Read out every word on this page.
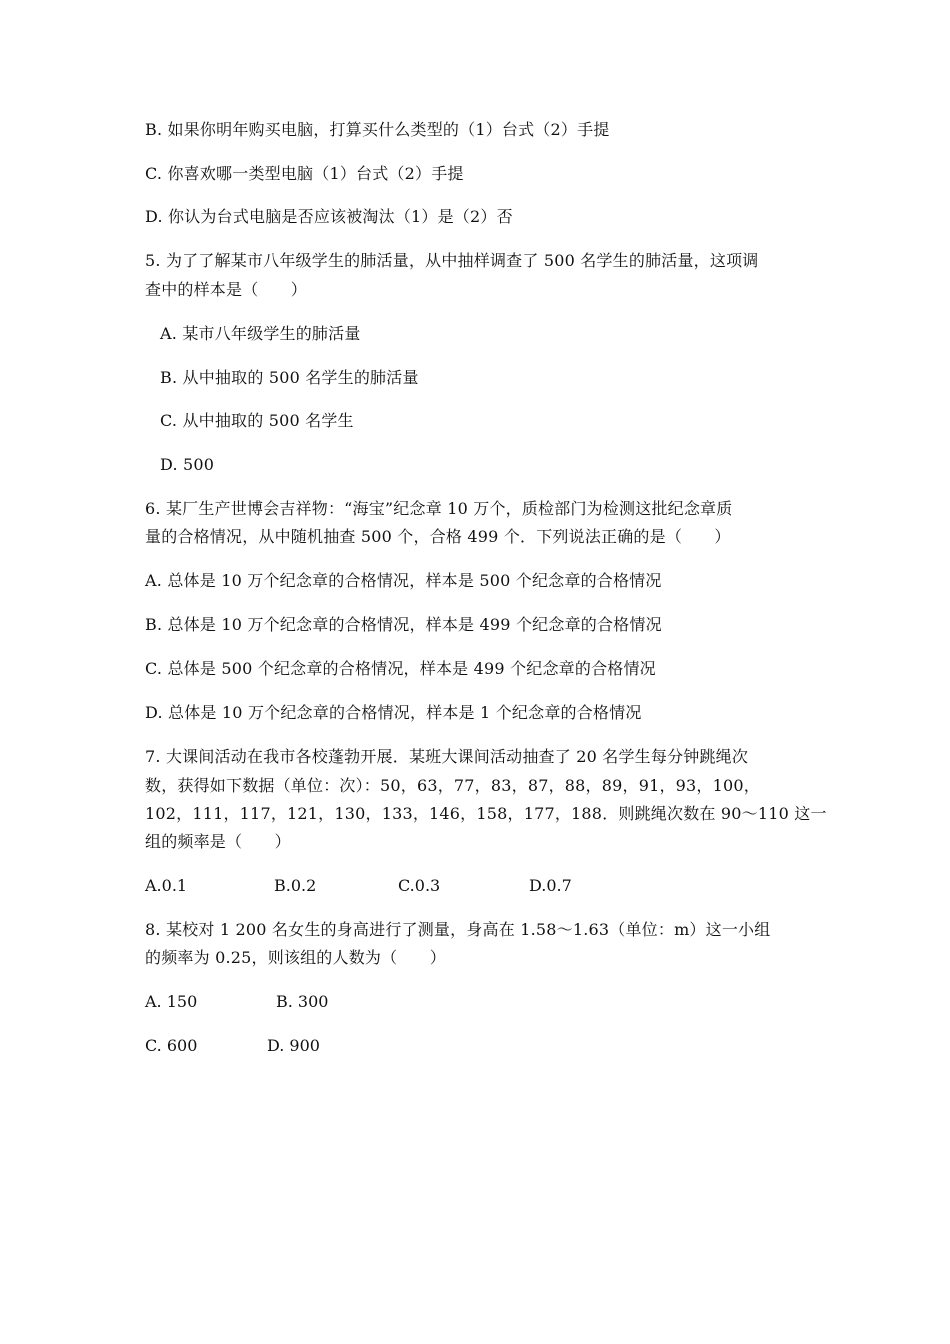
B. 如果你明年购买电脑，打算买什么类型的（1）台式（2）手提
C. 你喜欢哪一类型电脑（1）台式（2）手提
D. 你认为台式电脑是否应该被淘汰（1）是（2）否
5. 为了了解某市八年级学生的肺活量，从中抽样调查了 500 名学生的肺活量，这项调
查中的样本是（　　）
A. 某市八年级学生的肺活量
B. 从中抽取的 500 名学生的肺活量
C. 从中抽取的 500 名学生
D. 500
6. 某厂生产世博会吉祥物：“海宝”纪念章 10 万个，质检部门为检测这批纪念章质
量的合格情况，从中随机抽查 500 个，合格 499 个．下列说法正确的是（　　）
A. 总体是 10 万个纪念章的合格情况，样本是 500 个纪念章的合格情况
B. 总体是 10 万个纪念章的合格情况，样本是 499 个纪念章的合格情况
C. 总体是 500 个纪念章的合格情况，样本是 499 个纪念章的合格情况
D. 总体是 10 万个纪念章的合格情况，样本是 1 个纪念章的合格情况
7. 大课间活动在我市各校蓬勃开展．某班大课间活动抽查了 20 名学生每分钟跳绳次
数，获得如下数据（单位：次）：50，63，77，83，87，88，89，91，93，100，
102，111，117，121，130，133，146，158，177，188．则跳绳次数在 90～110 这一
组的频率是（　　）
A.0.1	B.0.2	C.0.3	D.0.7
8. 某校对 1 200 名女生的身高进行了测量，身高在 1.58～1.63（单位：m）这一小组
的频率为 0.25，则该组的人数为（　　）
A. 150	B. 300
C. 600	D. 900
